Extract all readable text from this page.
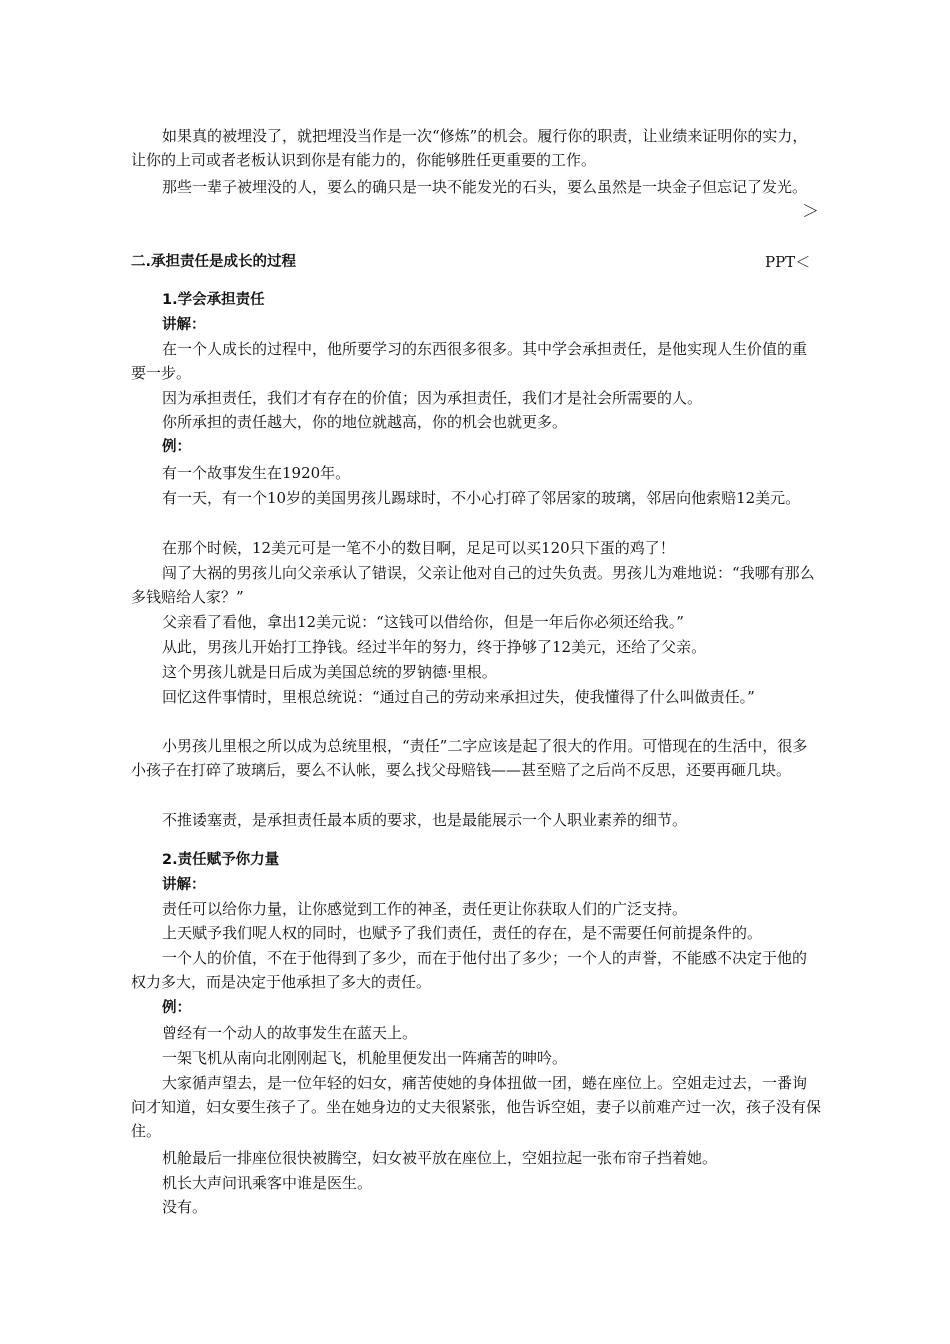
如果真的被埋没了，就把埋没当作是一次“修炼”的机会。履行你的职责，让业绩来证明你的实力，让你的上司或者老板认识到你是有能力的，你能够胜任更重要的工作。

那些一辈子被埋没的人，要么的确只是一块不能发光的石头，要么虽然是一块金子但忘记了发光。

＞
二.承担责任是成长的过程	PPT＜
1.学会承担责任
讲解：

在一个人成长的过程中，他所要学习的东西很多很多。其中学会承担责任，是他实现人生价值的重要一步。

因为承担责任，我们才有存在的价值；因为承担责任，我们才是社会所需要的人。

你所承担的责任越大，你的地位就越高，你的机会也就更多。

例：

有一个故事发生在1920年。

有一天，有一个10岁的美国男孩儿踢球时，不小心打碎了邻居家的玻璃，邻居向他索赔12美元。

在那个时候，12美元可是一笔不小的数目啊，足足可以买120只下蛋的鸡了！

闯了大祸的男孩儿向父亲承认了错误，父亲让他对自己的过失负责。男孩儿为难地说：“我哪有那么多钱赔给人家？”

父亲看了看他，拿出12美元说：“这钱可以借给你，但是一年后你必须还给我。”

从此，男孩儿开始打工挣钱。经过半年的努力，终于挣够了12美元，还给了父亲。

这个男孩儿就是日后成为美国总统的罗钠德·里根。

回忆这件事情时，里根总统说：“通过自己的劳动来承担过失，使我懂得了什么叫做责任。”

小男孩儿里根之所以成为总统里根，“责任”二字应该是起了很大的作用。可惜现在的生活中，很多小孩子在打碎了玻璃后，要么不认帐，要么找父母赔钱——甚至赔了之后尚不反思，还要再砸几块。

不推诿塞责，是承担责任最本质的要求，也是最能展示一个人职业素养的细节。

2.责任赋予你力量
讲解：

责任可以给你力量，让你感觉到工作的神圣，责任更让你获取人们的广泛支持。

上天赋予我们呢人权的同时，也赋予了我们责任，责任的存在，是不需要任何前提条件的。

一个人的价值，不在于他得到了多少，而在于他付出了多少；一个人的声誉，不能感不决定于他的权力多大，而是决定于他承担了多大的责任。

例：

曾经有一个动人的故事发生在蓝天上。

一架飞机从南向北刚刚起飞，机舱里便发出一阵痛苦的呻吟。

大家循声望去，是一位年轻的妇女，痛苦使她的身体扭做一团，蜷在座位上。空姐走过去，一番询问才知道，妇女要生孩子了。坐在她身边的丈夫很紧张，他告诉空姐，妻子以前难产过一次，孩子没有保住。

机舱最后一排座位很快被腾空，妇女被平放在座位上，空姐拉起一张布帘子挡着她。

机长大声问讯乘客中谁是医生。

没有。
